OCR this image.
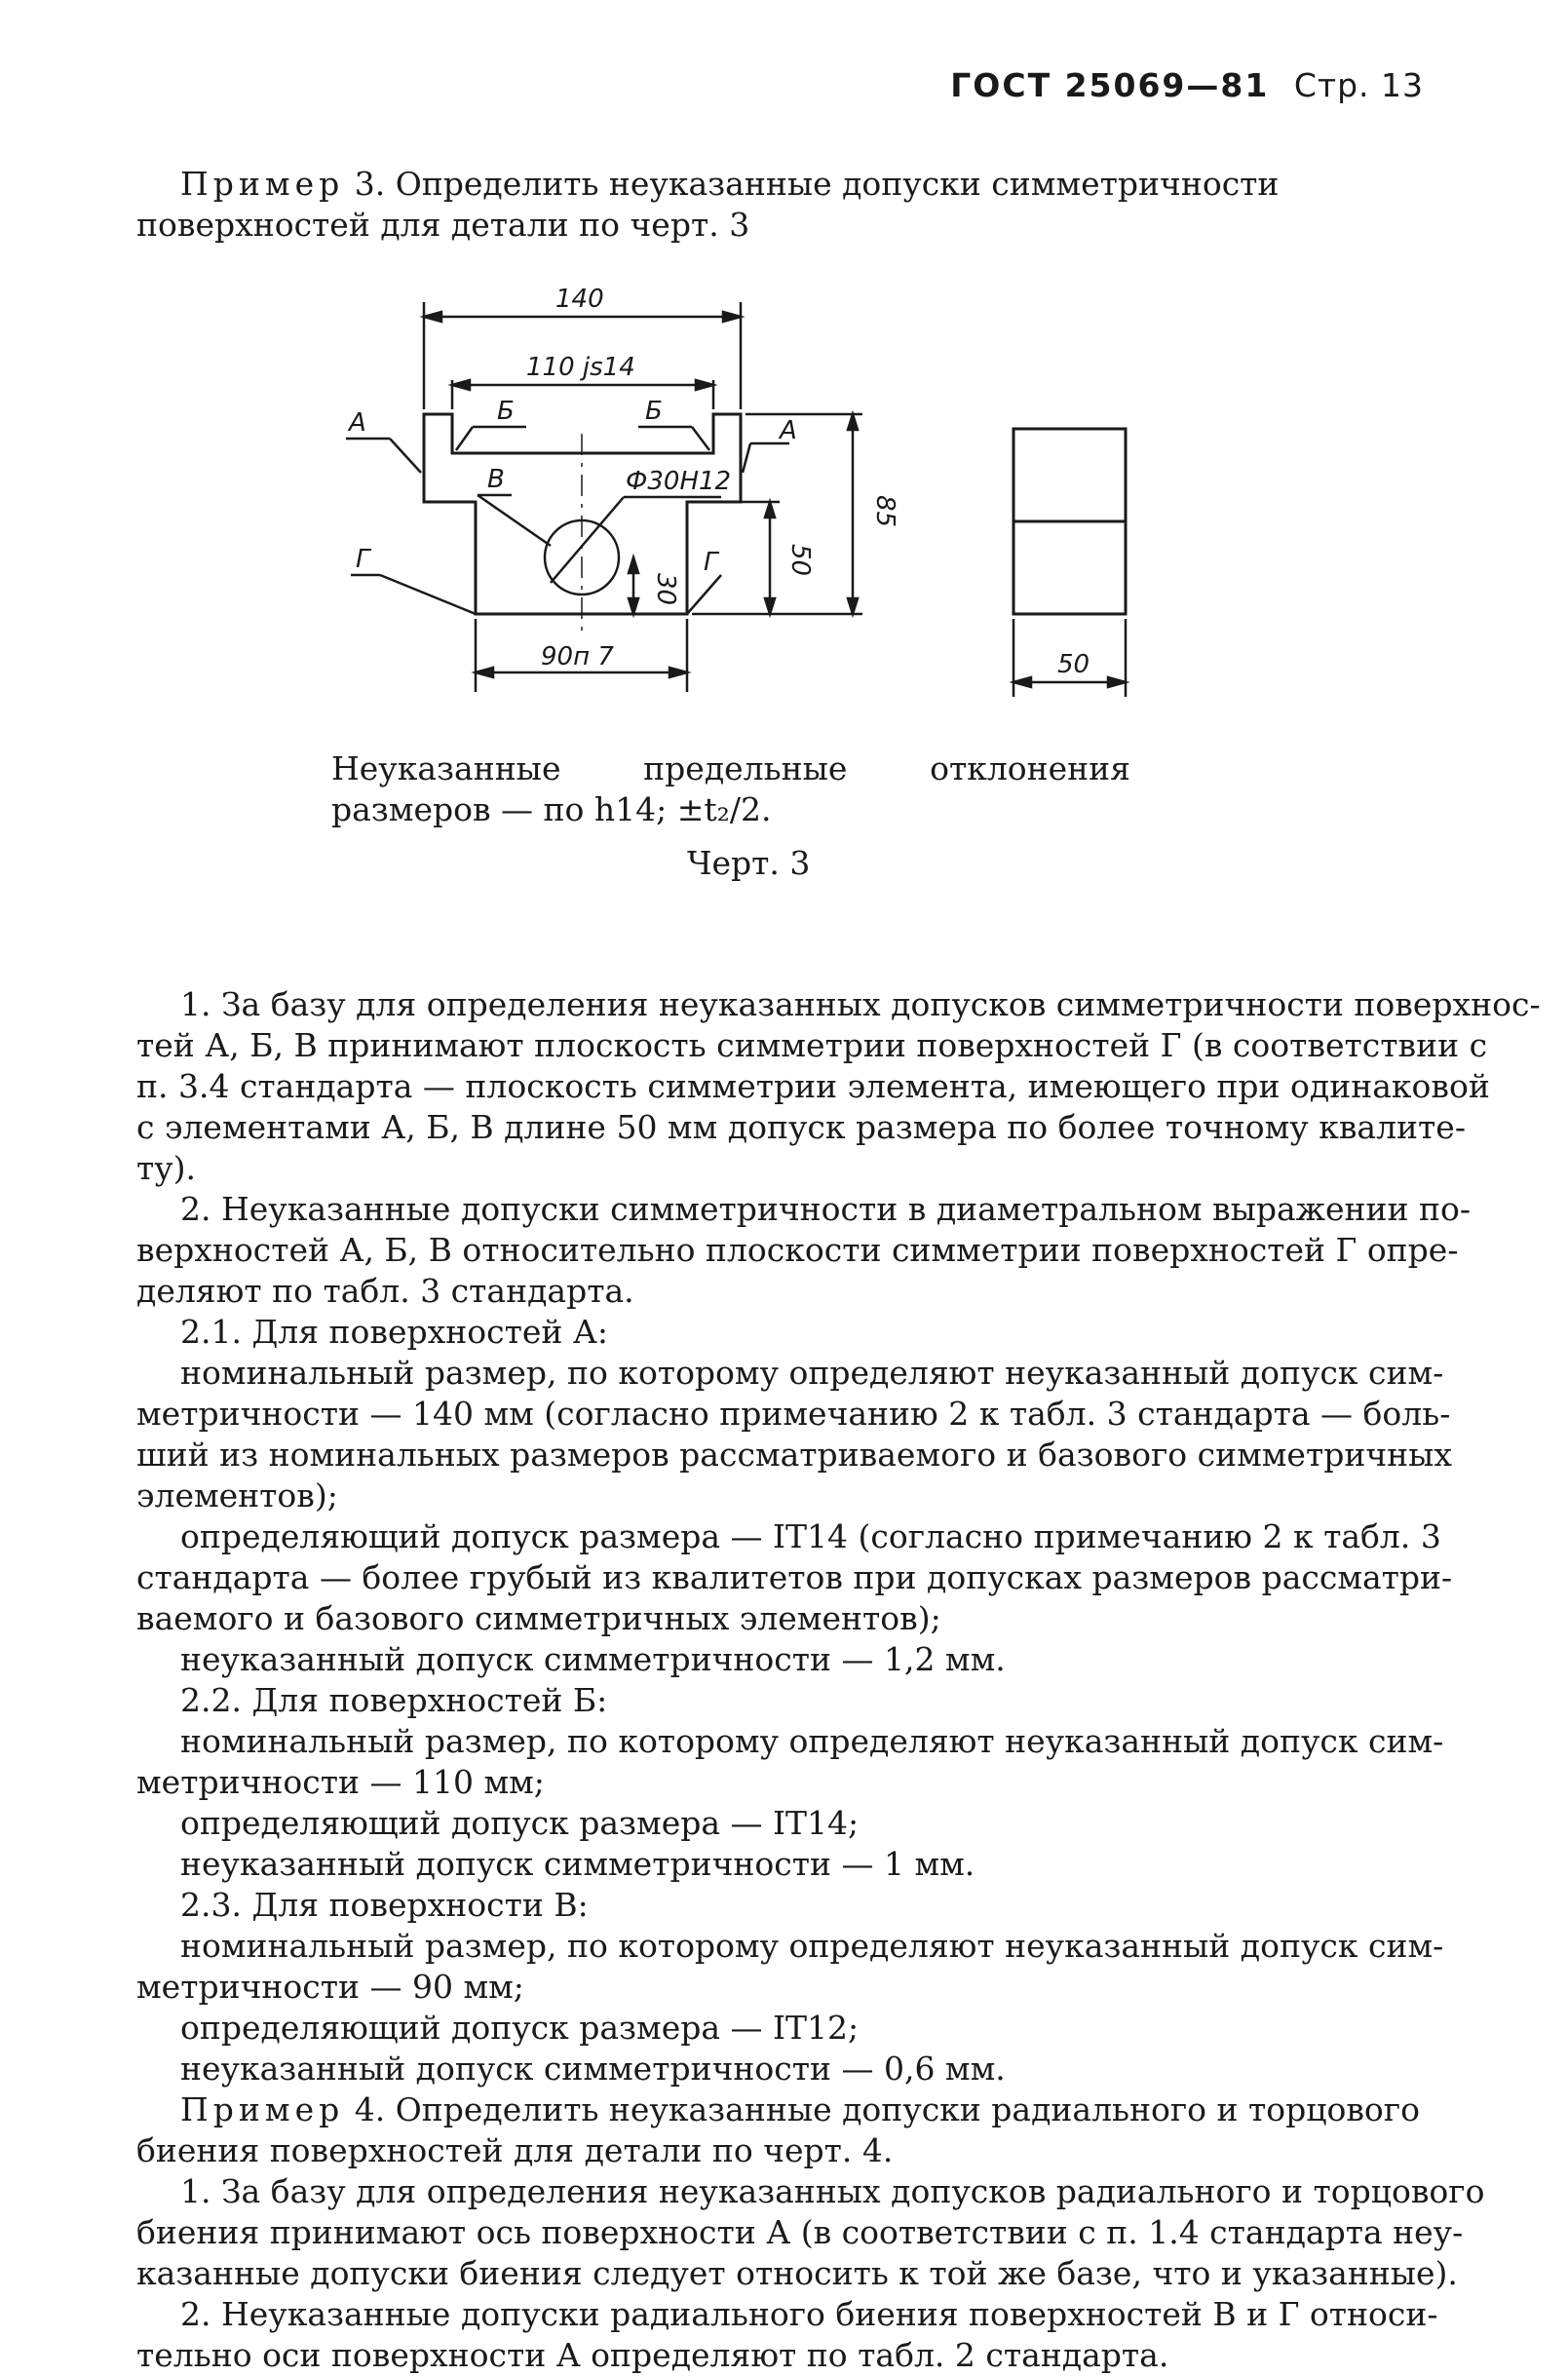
ГОСТ 25069—81 Стр. 13

Пример 3. Определить неуказанные допуски симметричности поверхностей для детали по черт. 3

140
110 js14
Б	Б
А	А
В	Ф30Н12
Г	Г
30
50
85
90п 7	50
Неуказанные предельные отклонения размеров — по h14; ±t₂/2.
Черт. 3
1. За базу для определения неуказанных допусков симметричности поверхнос-
тей А, Б, В принимают плоскость симметрии поверхностей Г (в соответствии с
п. 3.4 стандарта — плоскость симметрии элемента, имеющего при одинаковой
с элементами А, Б, В длине 50 мм допуск размера по более точному квалите-
ту).
2. Неуказанные допуски симметричности в диаметральном выражении по-
верхностей А, Б, В относительно плоскости симметрии поверхностей Г опре-
деляют по табл. 3 стандарта.
2.1. Для поверхностей А:
номинальный размер, по которому определяют неуказанный допуск сим-
метричности — 140 мм (согласно примечанию 2 к табл. 3 стандарта — боль-
ший из номинальных размеров рассматриваемого и базового симметричных
элементов);
определяющий допуск размера — IT14 (согласно примечанию 2 к табл. 3
стандарта — более грубый из квалитетов при допусках размеров рассматри-
ваемого и базового симметричных элементов);
неуказанный допуск симметричности — 1,2 мм.
2.2. Для поверхностей Б:
номинальный размер, по которому определяют неуказанный допуск сим-
метричности — 110 мм;
определяющий допуск размера — IT14;
неуказанный допуск симметричности — 1 мм.
2.3. Для поверхности В:
номинальный размер, по которому определяют неуказанный допуск сим-
метричности — 90 мм;
определяющий допуск размера — IT12;
неуказанный допуск симметричности — 0,6 мм.

Пример 4. Определить неуказанные допуски радиального и торцового биения поверхностей для детали по черт. 4.

1. За базу для определения неуказанных допусков радиального и торцового
биения принимают ось поверхности А (в соответствии с п. 1.4 стандарта неу-
казанные допуски биения следует относить к той же базе, что и указанные).
2. Неуказанные допуски радиального биения поверхностей В и Г относи-
тельно оси поверхности А определяют по табл. 2 стандарта.
